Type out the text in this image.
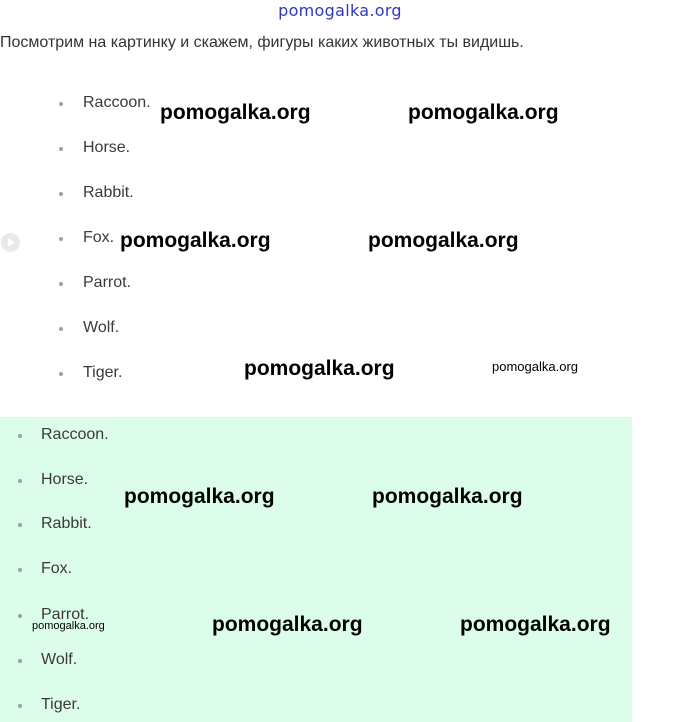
pomogalka.org
Посмотрим на картинку и скажем, фигуры каких животных ты видишь.
Raccoon.
Horse.
Rabbit.
Fox.
Parrot.
Wolf.
Tiger.
Raccoon.
Horse.
Rabbit.
Fox.
Parrot.
Wolf.
Tiger.
pomogalka.org	pomogalka.org
pomogalka.org	pomogalka.org
pomogalka.org	pomogalka.org
pomogalka.org	pomogalka.org
pomogalka.org	pomogalka.org	pomogalka.org
